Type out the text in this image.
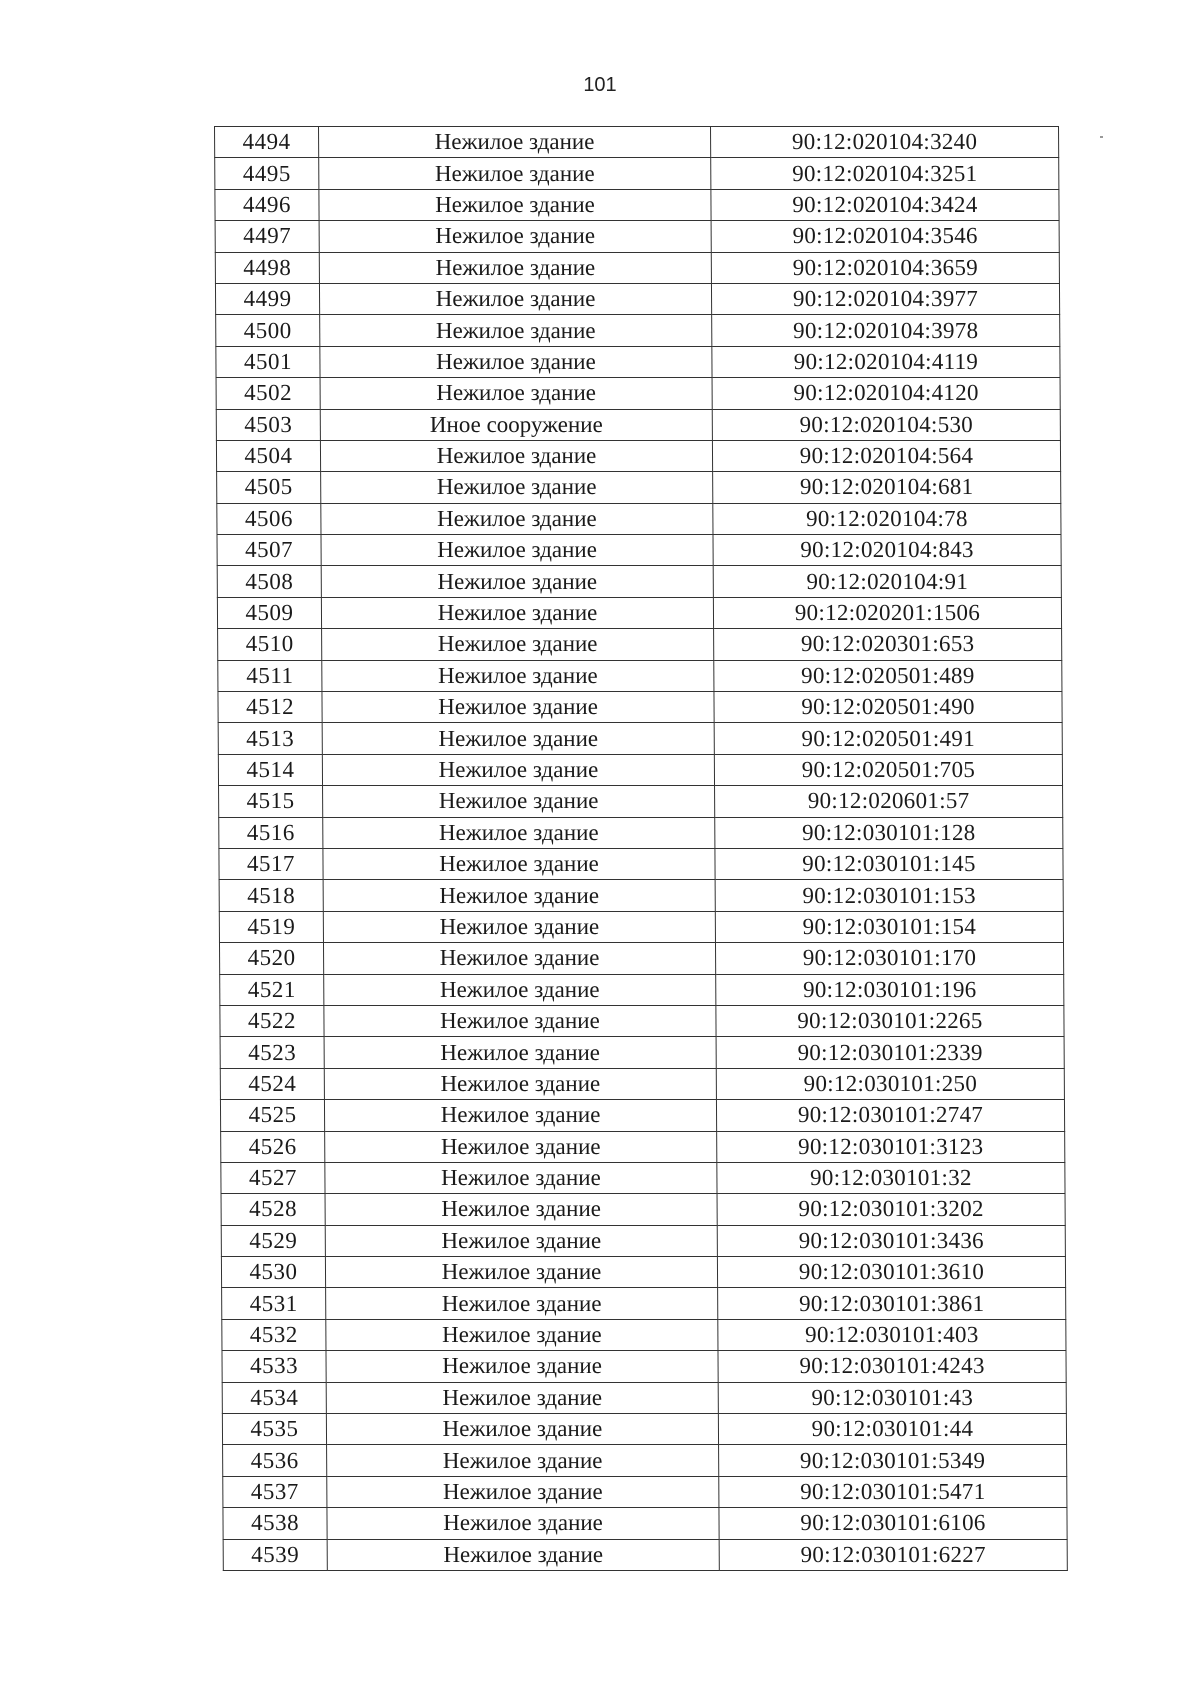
101
4494	Нежилое здание	90:12:020104:3240
4495	Нежилое здание	90:12:020104:3251
4496	Нежилое здание	90:12:020104:3424
4497	Нежилое здание	90:12:020104:3546
4498	Нежилое здание	90:12:020104:3659
4499	Нежилое здание	90:12:020104:3977
4500	Нежилое здание	90:12:020104:3978
4501	Нежилое здание	90:12:020104:4119
4502	Нежилое здание	90:12:020104:4120
4503	Иное сооружение	90:12:020104:530
4504	Нежилое здание	90:12:020104:564
4505	Нежилое здание	90:12:020104:681
4506	Нежилое здание	90:12:020104:78
4507	Нежилое здание	90:12:020104:843
4508	Нежилое здание	90:12:020104:91
4509	Нежилое здание	90:12:020201:1506
4510	Нежилое здание	90:12:020301:653
4511	Нежилое здание	90:12:020501:489
4512	Нежилое здание	90:12:020501:490
4513	Нежилое здание	90:12:020501:491
4514	Нежилое здание	90:12:020501:705
4515	Нежилое здание	90:12:020601:57
4516	Нежилое здание	90:12:030101:128
4517	Нежилое здание	90:12:030101:145
4518	Нежилое здание	90:12:030101:153
4519	Нежилое здание	90:12:030101:154
4520	Нежилое здание	90:12:030101:170
4521	Нежилое здание	90:12:030101:196
4522	Нежилое здание	90:12:030101:2265
4523	Нежилое здание	90:12:030101:2339
4524	Нежилое здание	90:12:030101:250
4525	Нежилое здание	90:12:030101:2747
4526	Нежилое здание	90:12:030101:3123
4527	Нежилое здание	90:12:030101:32
4528	Нежилое здание	90:12:030101:3202
4529	Нежилое здание	90:12:030101:3436
4530	Нежилое здание	90:12:030101:3610
4531	Нежилое здание	90:12:030101:3861
4532	Нежилое здание	90:12:030101:403
4533	Нежилое здание	90:12:030101:4243
4534	Нежилое здание	90:12:030101:43
4535	Нежилое здание	90:12:030101:44
4536	Нежилое здание	90:12:030101:5349
4537	Нежилое здание	90:12:030101:5471
4538	Нежилое здание	90:12:030101:6106
4539	Нежилое здание	90:12:030101:6227
